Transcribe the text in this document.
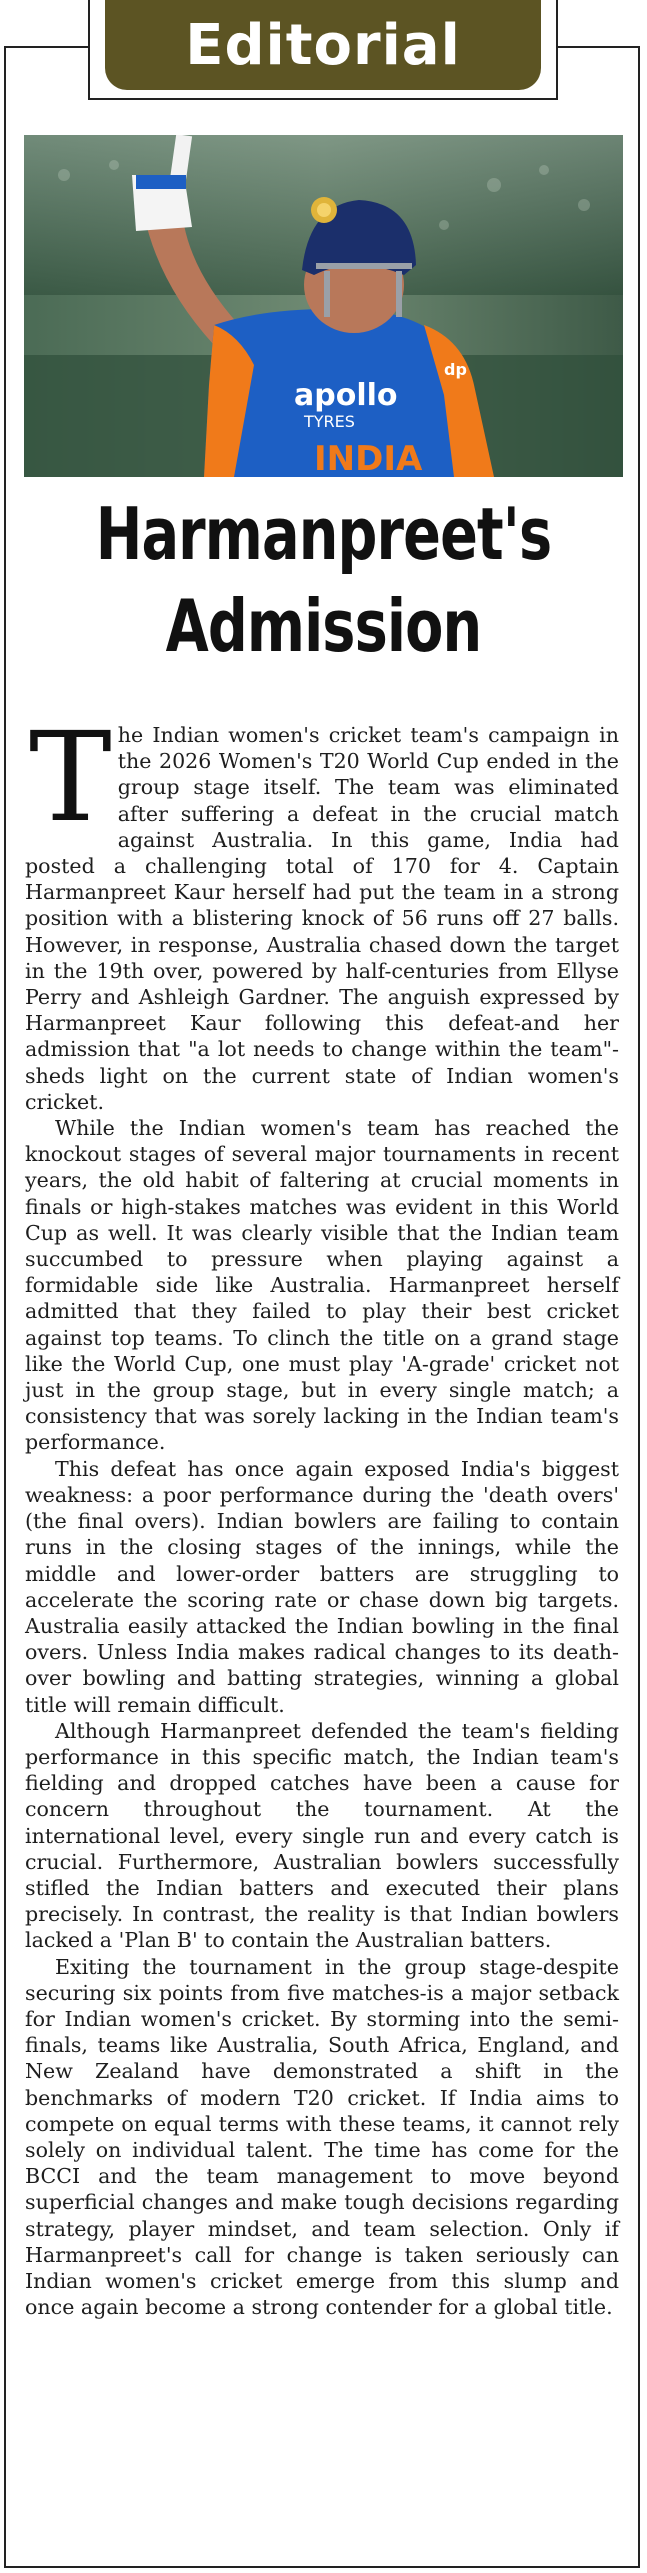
Editorial
apollo
TYRES
INDIA
dp
Harmanpreet's
Admission

The Indian women's cricket team's campaign in the 2026 Women's T20 World Cup ended in the group stage itself. The team was eliminated after suffering a defeat in the crucial match against Australia. In this game, India had posted a challenging total of 170 for 4. Captain Harmanpreet Kaur herself had put the team in a strong position with a blistering knock of 56 runs off 27 balls. However, in response, Australia chased down the target in the 19th over, powered by half-centuries from Ellyse Perry and Ashleigh Gardner. The anguish expressed by Harmanpreet Kaur following this defeat-and her admission that "a lot needs to change within the team"-sheds light on the current state of Indian women's cricket.

While the Indian women's team has reached the knockout stages of several major tournaments in recent years, the old habit of faltering at crucial moments in finals or high-stakes matches was evident in this World Cup as well. It was clearly visible that the Indian team succumbed to pressure when playing against a formidable side like Australia. Harmanpreet herself admitted that they failed to play their best cricket against top teams. To clinch the title on a grand stage like the World Cup, one must play 'A-grade' cricket not just in the group stage, but in every single match; a consistency that was sorely lacking in the Indian team's performance.

This defeat has once again exposed India's biggest weakness: a poor performance during the 'death overs' (the final overs). Indian bowlers are failing to contain runs in the closing stages of the innings, while the middle and lower-order batters are struggling to accelerate the scoring rate or chase down big targets. Australia easily attacked the Indian bowling in the final overs. Unless India makes radical changes to its death-over bowling and batting strategies, winning a global title will remain difficult.

Although Harmanpreet defended the team's fielding performance in this specific match, the Indian team's fielding and dropped catches have been a cause for concern throughout the tournament. At the international level, every single run and every catch is crucial. Furthermore, Australian bowlers successfully stifled the Indian batters and executed their plans precisely. In contrast, the reality is that Indian bowlers lacked a 'Plan B' to contain the Australian batters.

Exiting the tournament in the group stage-despite securing six points from five matches-is a major setback for Indian women's cricket. By storming into the semi-finals, teams like Australia, South Africa, England, and New Zealand have demonstrated a shift in the benchmarks of modern T20 cricket. If India aims to compete on equal terms with these teams, it cannot rely solely on individual talent. The time has come for the BCCI and the team management to move beyond superficial changes and make tough decisions regarding strategy, player mindset, and team selection. Only if Harmanpreet's call for change is taken seriously can Indian women's cricket emerge from this slump and once again become a strong contender for a global title.
